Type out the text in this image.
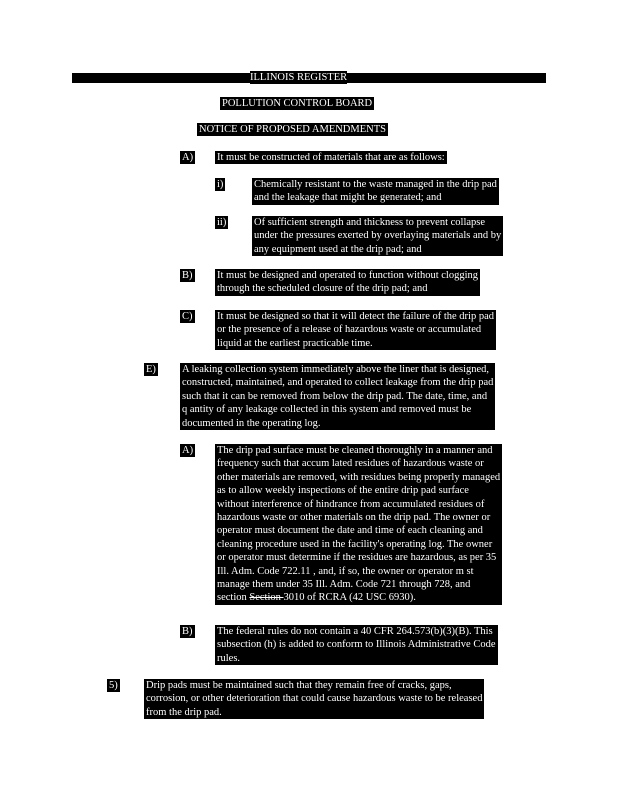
ILLINOIS REGISTER
POLLUTION CONTROL BOARD
NOTICE OF PROPOSED AMENDMENTS
A) It must be constructed of materials that are as follows:
i)	Chemically resistant to the waste managed in the drip pad
and the leakage that might be generated; and
ii)	Of sufficient strength and thickness to prevent collapse
under the pressures exerted by overlaying materials and by
any equipment used at the drip pad; and
B) It must be designed and operated to function without clogging
through the scheduled closure of the drip pad; and
C) It must be designed so that it will detect the failure of the drip pad
or the presence of a release of hazardous waste or accumulated
liquid at the earliest practicable time.
E) A leaking collection system immediately above the liner that is designed,
constructed, maintained, and operated to collect leakage from the drip pad
such that it can be removed from below the drip pad. The date, time, and
q antity of any leakage collected in this system and removed must be
documented in the operating log.
A) The drip pad surface must be cleaned thoroughly in a manner and
frequency such that accum lated residues of hazardous waste or
other materials are removed, with residues being properly managed
as to allow weekly inspections of the entire drip pad surface
without interference of hindrance from accumulated residues of
hazardous waste or other materials on the drip pad. The owner or
operator must document the date and time of each cleaning and
cleaning procedure used in the facility's operating log. The owner
or operator must determine if the residues are hazardous, as per 35
Ill. Adm. Code 722.11 , and, if so, the owner or operator m st
manage them under 35 Ill. Adm. Code 721 through 728, and
section Section 3010 of RCRA (42 USC 6930).
B) The federal rules do not contain a 40 CFR 264.573(b)(3)(B). This
subsection (h) is added to conform to Illinois Administrative Code
rules.
5)	Drip pads must be maintained such that they remain free of cracks, gaps,
corrosion, or other deterioration that could cause hazardous waste to be released
from the drip pad.
